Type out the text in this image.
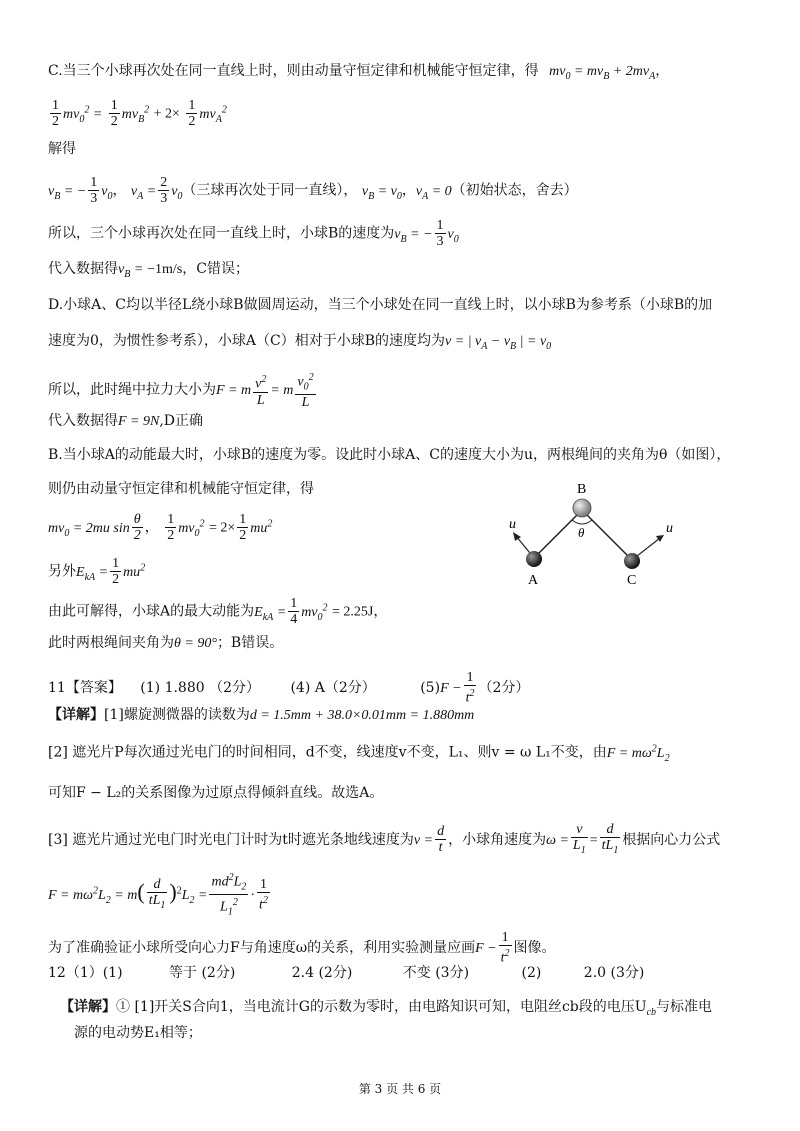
C.当三个小球再次处在同一直线上时，则由动量守恒定律和机械能守恒定律，得 $mv_0 = mv_B + 2mv_A$，
$\frac{1}{2} mv_0^2 = \frac{1}{2} mv_B^2 + 2\times \frac{1}{2} mv_A^2$
解得
$v_B$ = − $\frac{1}{3} v_0$， $v_A = \frac{2}{3} v_0$（三球再次处于同一直线）， $v_B = v_0$，$v_A = 0$（初始状态，舍去）
所以，三个小球再次处在同一直线上时，小球B的速度为$v_B$ = − $\frac{1}{3} v_0$
代入数据得$v_B = -1m/s$，C错误；
D.小球A、C均以半径L绕小球B做圆周运动，当三个小球处在同一直线上时，以小球B为参考系（小球B的加
速度为0，为惯性参考系），小球A（C）相对于小球B的速度均为v = | $v_A - v_B$ | = $v_0$
所以，此时绳中拉力大小为F = m $\frac{v^2}{L} = m \frac{v_0^2}{L}$
代入数据得F = 9N,D正确
B.当小球A的动能最大时，小球B的速度为零。设此时小球A、C的速度大小为u，两根绳间的夹角为θ（如图），
则仍由动量守恒定律和机械能守恒定律，得
$mv_0 = 2mu$ $\sin \frac{\theta}{2}$ ， $\frac{1}{2} mv_0^2 = 2\times \frac{1}{2} mu^2$
另外$E_{kA} = \frac{1}{2} mu^2$
由此可解得，小球A的最大动能为$E_{kA} = \frac{1}{4} mv_0^2 = 2.25J$，
此时两根绳间夹角为θ = 90°；B错误。
B
θ
A	C
u	u
11【答案】 (1) 1.880 （2分） (4) A（2分）	$(5)F - \frac{1}{t^2} (2$分）
【详解】[1]螺旋测微器的读数为d = 1.5mm + 38.0×0.01mm = 1.880mm
[2] 遮光片P每次通过光电门的时间相同，d不变，线速度v不变，L₁、则v = ω L₁不变，由$F = m\omega^2L_2$
可知F − L₂的关系图像为过原点得倾斜直线。故选A。
[3] 遮光片通过光电门时光电门计时为t时遮光条地线速度为$v = \frac{d}{t}$ ，小球角速度为$\omega = \frac{v}{L_1} = \frac{d}{tL_1}$ 根据向心力公式
$F = m\omega^2L_2 = m( \frac{d}{tL_1} )^2L_2 = \frac{md^2L_2}{L_1^2} \cdot \frac{1}{t^2}$
为了准确验证小球所受向心力F与角速度ω的关系，利用实验测量应画$F - \frac{1}{t^2}$ 图像。
12（1）(1)	等于 (2分)	2.4 (2分)	不变 (3分)	(2)	2.0 (3分)
【详解】① [1]开关S合向1，当电流计G的示数为零时，由电路知识可知，电阻丝cb段的电压$U_{cb}$与标准电
源的电动势E₁相等；
第 3 页 共 6 页
